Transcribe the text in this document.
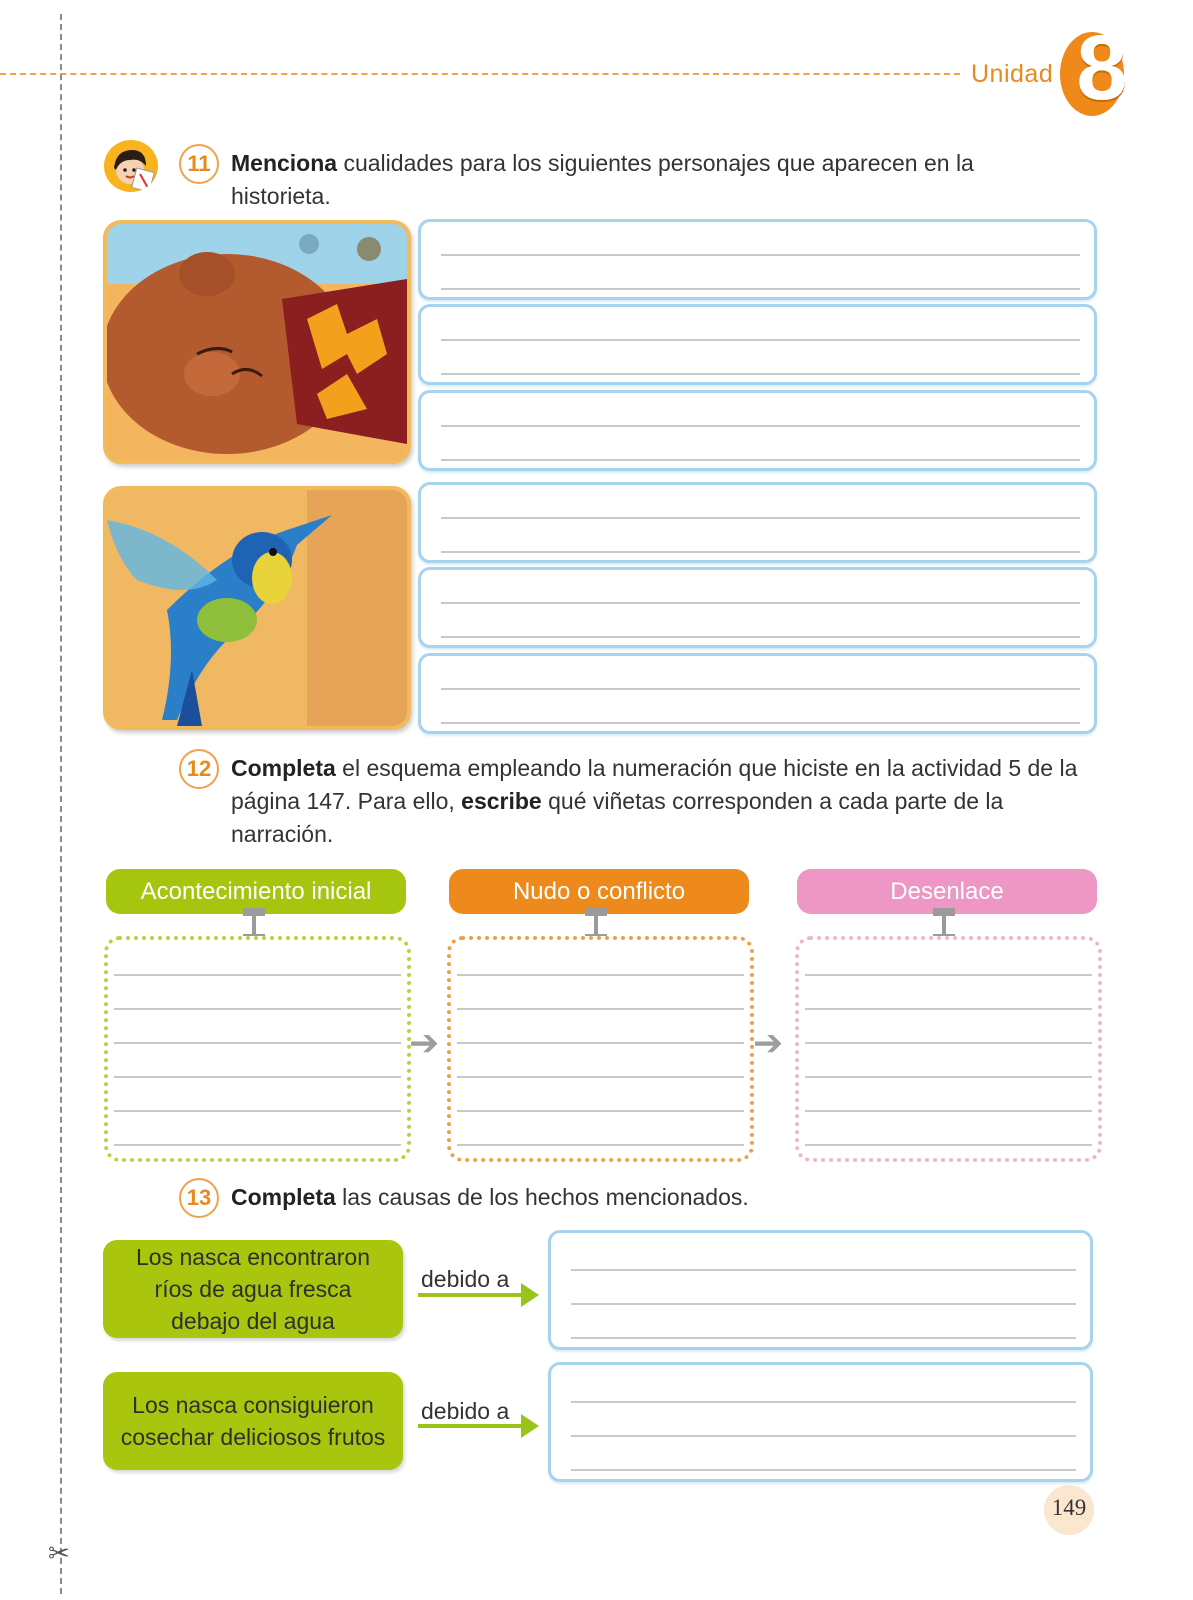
✂
Unidad 8
11 Menciona cualidades para los siguientes personajes que aparecen en la historieta.
12 Completa el esquema empleando la numeración que hiciste en la actividad 5 de la página 147. Para ello, escribe qué viñetas corresponden a cada parte de la narración.
Acontecimiento inicial	Nudo o conflicto	Desenlace
➔	➔
13 Completa las causas de los hechos mencionados.
Los nasca encontraron ríos de agua fresca debajo del agua
debido a
Los nasca consiguieron cosechar deliciosos frutos
debido a
149
